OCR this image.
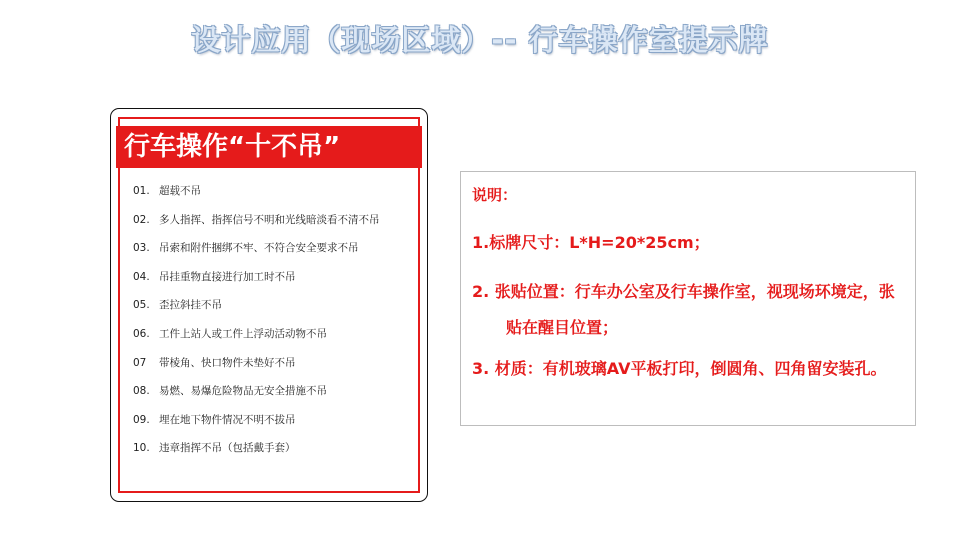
设计应用（现场区域）-- 行车操作室提示牌
行车操作“十不吊”
01. 超载不吊
02. 多人指挥、指挥信号不明和光线暗淡看不清不吊
03. 吊索和附件捆绑不牢、不符合安全要求不吊
04. 吊挂重物直接进行加工时不吊
05. 歪拉斜挂不吊
06. 工件上站人或工件上浮动活动物不吊
07 带棱角、快口物件未垫好不吊
08. 易燃、易爆危险物品无安全措施不吊
09. 埋在地下物件情况不明不拔吊
10. 违章指挥不吊（包括戴手套）
说明：
1.标牌尺寸：L*H=20*25cm；
2. 张贴位置：行车办公室及行车操作室，视现场环境定，张贴在醒目位置；
3. 材质：有机玻璃AV平板打印，倒圆角、四角留安装孔。
